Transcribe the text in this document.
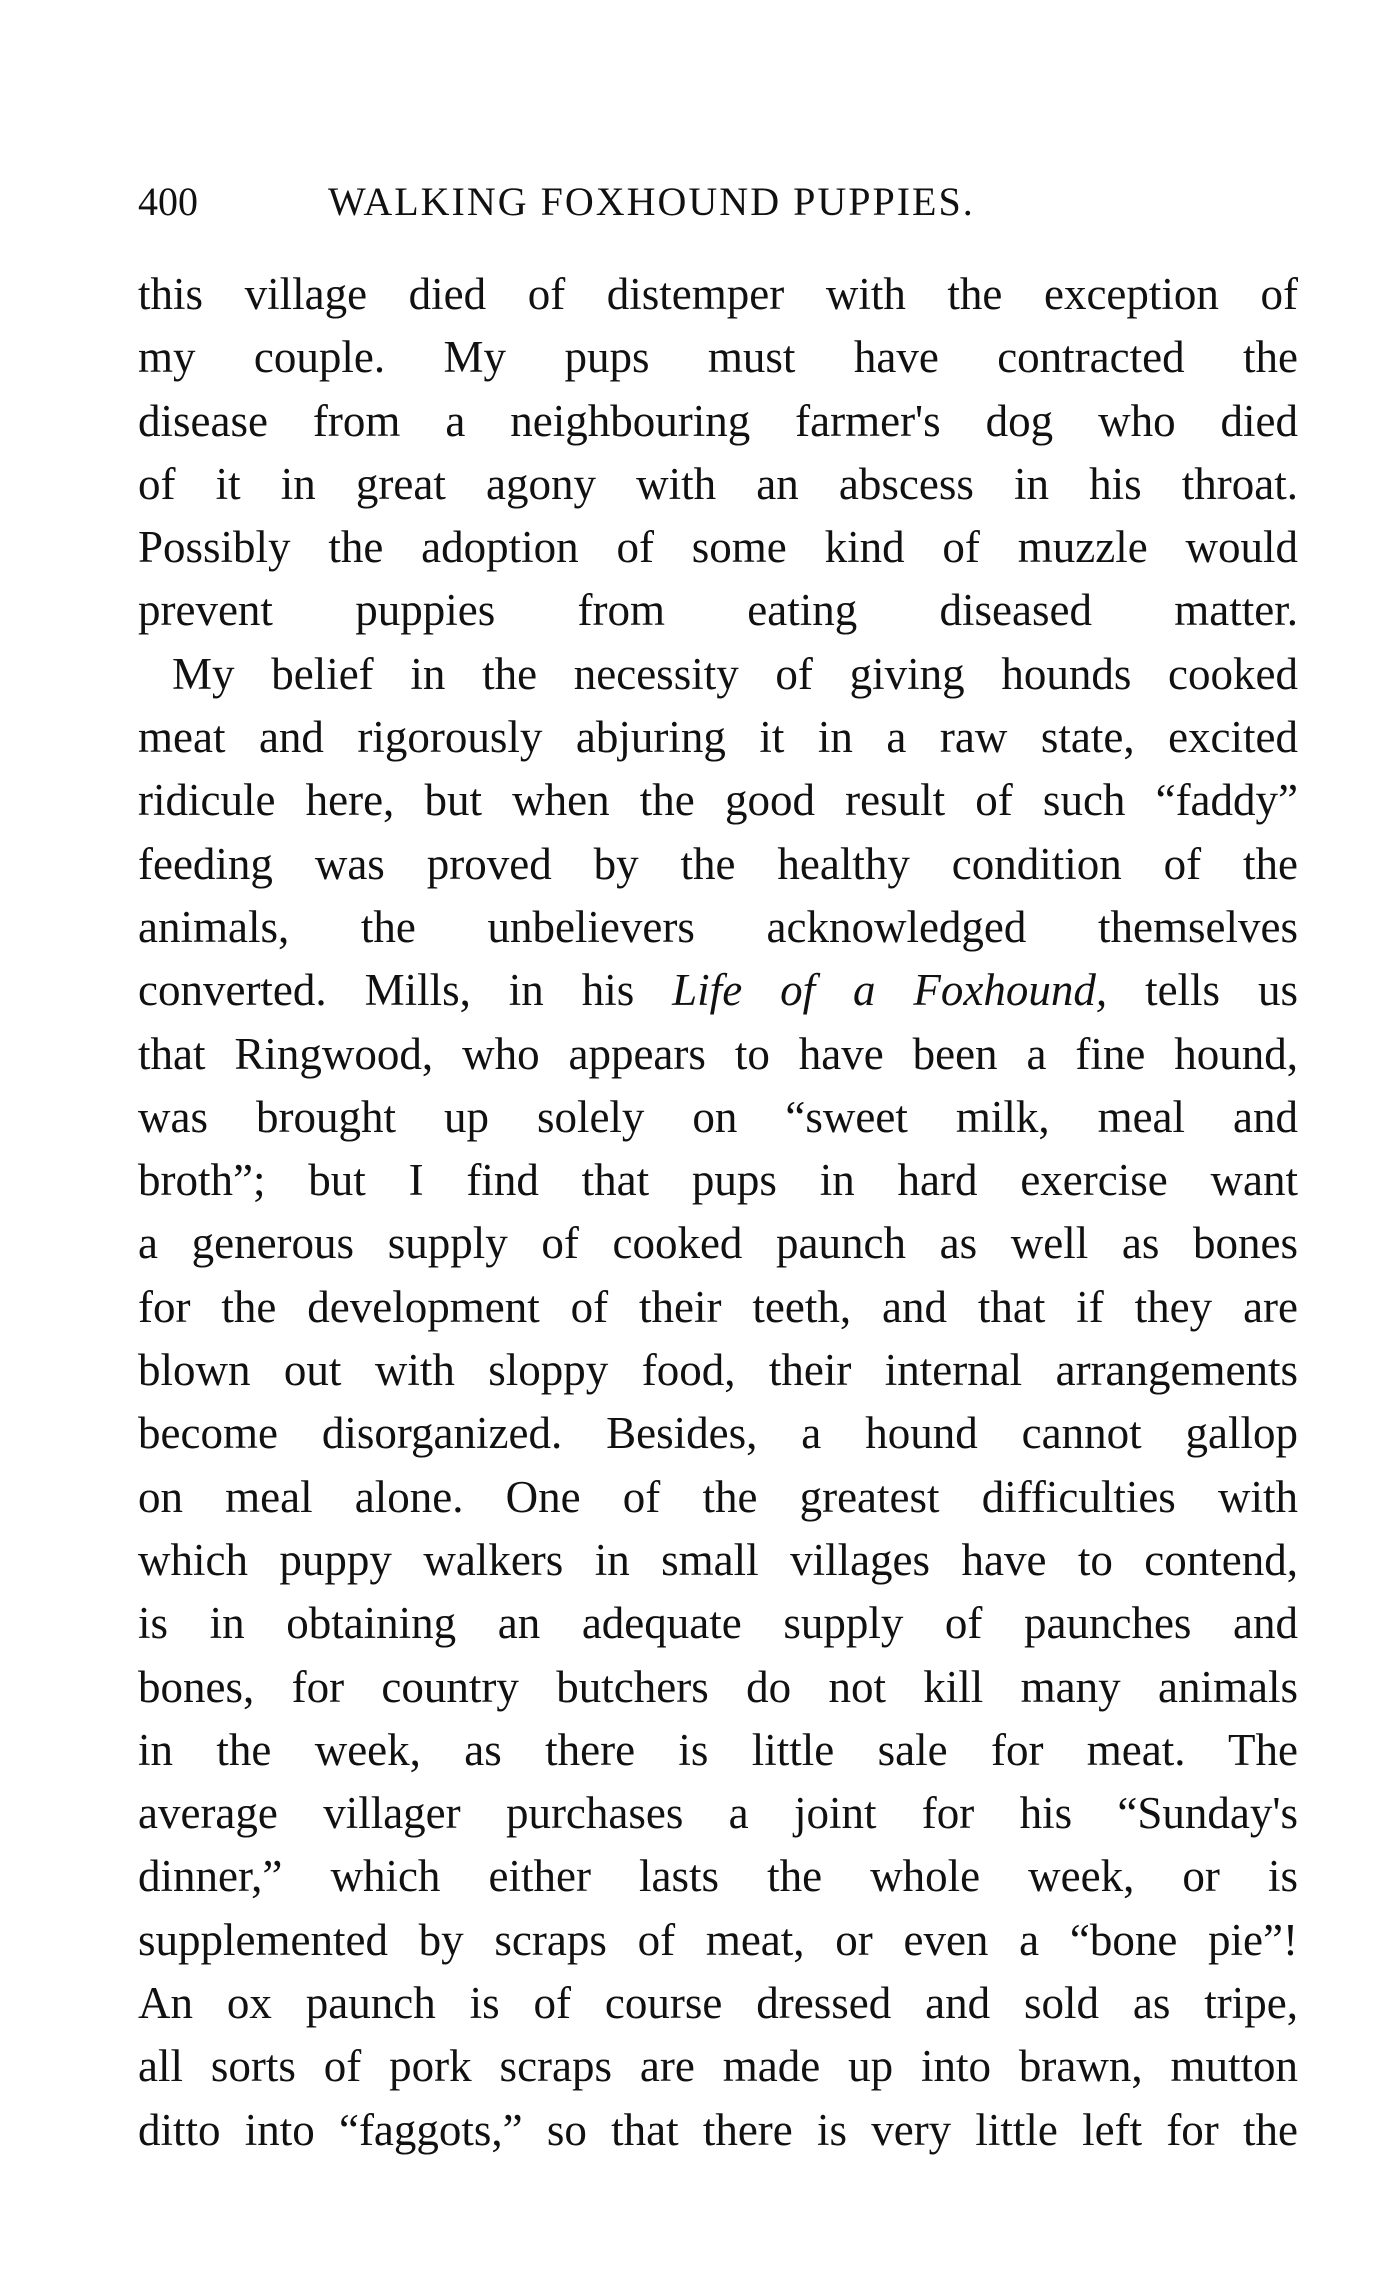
400	WALKING FOXHOUND PUPPIES.
this village died of distemper with the exception of
my couple. My pups must have contracted the
disease from a neighbouring farmer's dog who died
of it in great agony with an abscess in his throat.
Possibly the adoption of some kind of muzzle would
prevent puppies from eating diseased matter.
My belief in the necessity of giving hounds cooked
meat and rigorously abjuring it in a raw state, excited
ridicule here, but when the good result of such “faddy”
feeding was proved by the healthy condition of the
animals, the unbelievers acknowledged themselves
converted. Mills, in his Life of a Foxhound, tells us
that Ringwood, who appears to have been a fine hound,
was brought up solely on “sweet milk, meal and
broth”; but I find that pups in hard exercise want
a generous supply of cooked paunch as well as bones
for the development of their teeth, and that if they are
blown out with sloppy food, their internal arrangements
become disorganized. Besides, a hound cannot gallop
on meal alone. One of the greatest difficulties with
which puppy walkers in small villages have to contend,
is in obtaining an adequate supply of paunches and
bones, for country butchers do not kill many animals
in the week, as there is little sale for meat. The
average villager purchases a joint for his “Sunday's
dinner,” which either lasts the whole week, or is
supplemented by scraps of meat, or even a “bone pie”!
An ox paunch is of course dressed and sold as tripe,
all sorts of pork scraps are made up into brawn, mutton
ditto into “faggots,” so that there is very little left for the
